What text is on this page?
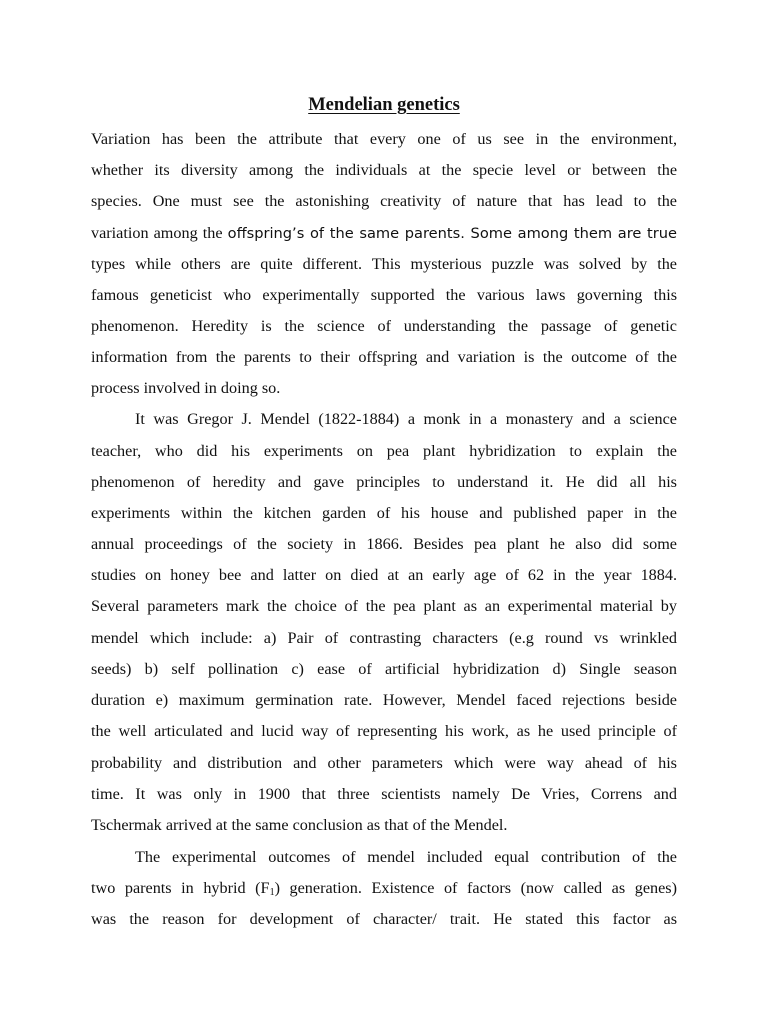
Mendelian genetics
Variation has been the attribute that every one of us see in the environment,
whether its diversity among the individuals at the specie level or between the
species. One must see the astonishing creativity of nature that has lead to the
variation among the offspring’s of the same parents. Some among them are true
types while others are quite different. This mysterious puzzle was solved by the
famous geneticist who experimentally supported the various laws governing this
phenomenon. Heredity is the science of understanding the passage of genetic
information from the parents to their offspring and variation is the outcome of the
process involved in doing so.
It was Gregor J. Mendel (1822-1884) a monk in a monastery and a science
teacher, who did his experiments on pea plant hybridization to explain the
phenomenon of heredity and gave principles to understand it. He did all his
experiments within the kitchen garden of his house and published paper in the
annual proceedings of the society in 1866. Besides pea plant he also did some
studies on honey bee and latter on died at an early age of 62 in the year 1884.
Several parameters mark the choice of the pea plant as an experimental material by
mendel which include: a) Pair of contrasting characters (e.g round vs wrinkled
seeds) b) self pollination c) ease of artificial hybridization d) Single season
duration e) maximum germination rate. However, Mendel faced rejections beside
the well articulated and lucid way of representing his work, as he used principle of
probability and distribution and other parameters which were way ahead of his
time. It was only in 1900 that three scientists namely De Vries, Correns and
Tschermak arrived at the same conclusion as that of the Mendel.
The experimental outcomes of mendel included equal contribution of the
two parents in hybrid $(F_1)$ generation. Existence of factors (now called as genes)
was the reason for development of character/ trait. He stated this factor as
